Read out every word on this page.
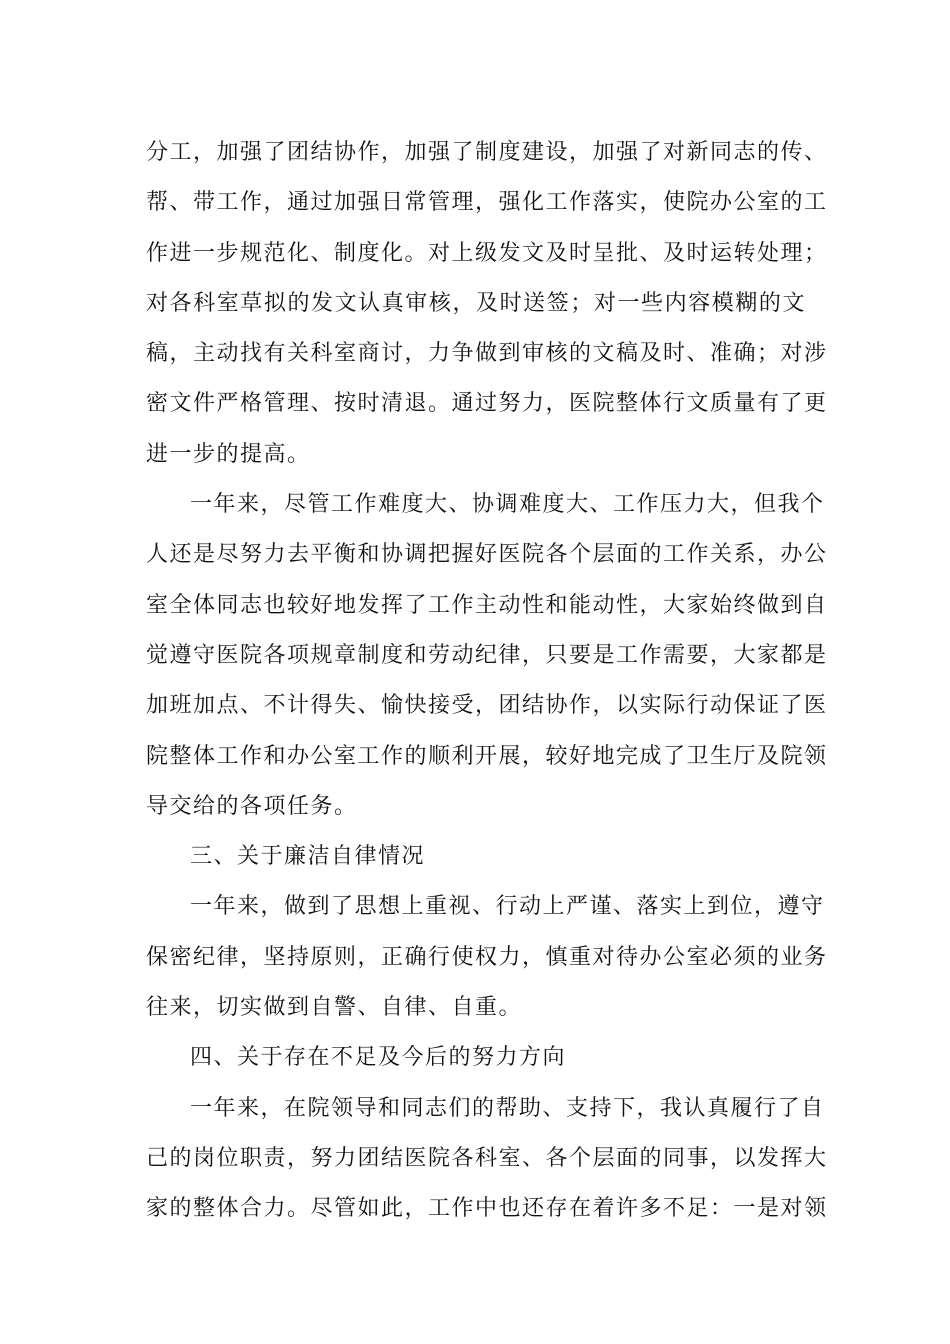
分工，加强了团结协作，加强了制度建设，加强了对新同志的传、
帮、带工作，通过加强日常管理，强化工作落实，使院办公室的工
作进一步规范化、制度化。对上级发文及时呈批、及时运转处理；
对各科室草拟的发文认真审核，及时送签；对一些内容模糊的文
稿，主动找有关科室商讨，力争做到审核的文稿及时、准确；对涉
密文件严格管理、按时清退。通过努力，医院整体行文质量有了更
进一步的提高。
一年来，尽管工作难度大、协调难度大、工作压力大，但我个
人还是尽努力去平衡和协调把握好医院各个层面的工作关系，办公
室全体同志也较好地发挥了工作主动性和能动性，大家始终做到自
觉遵守医院各项规章制度和劳动纪律，只要是工作需要，大家都是
加班加点、不计得失、愉快接受，团结协作，以实际行动保证了医
院整体工作和办公室工作的顺利开展，较好地完成了卫生厅及院领
导交给的各项任务。
三、关于廉洁自律情况
一年来，做到了思想上重视、行动上严谨、落实上到位，遵守
保密纪律，坚持原则，正确行使权力，慎重对待办公室必须的业务
往来，切实做到自警、自律、自重。
四、关于存在不足及今后的努力方向
一年来，在院领导和同志们的帮助、支持下，我认真履行了自
己的岗位职责，努力团结医院各科室、各个层面的同事，以发挥大
家的整体合力。尽管如此，工作中也还存在着许多不足：一是对领
